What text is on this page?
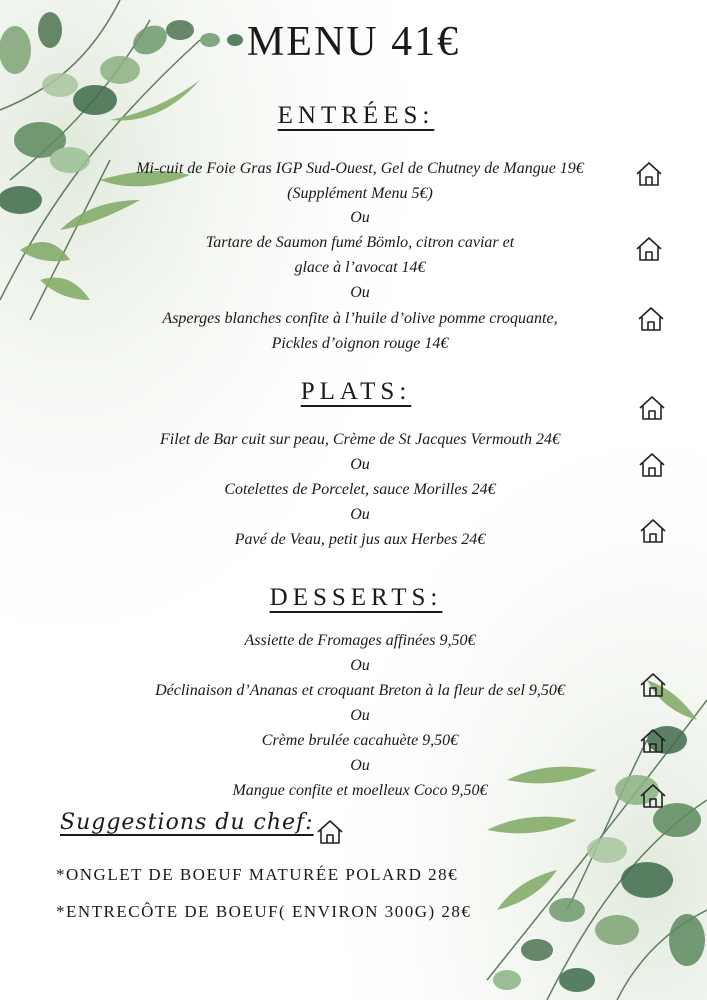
MENU 41€
ENTRÉES:
Mi-cuit de Foie Gras IGP Sud-Ouest, Gel de Chutney de Mangue 19€
(Supplément Menu 5€)
Ou
Tartare de Saumon fumé Bömlo, citron caviar et
glace à l’avocat 14€
Ou
Asperges blanches confite à l’huile d’olive pomme croquante,
Pickles d’oignon rouge 14€
PLATS:
Filet de Bar cuit sur peau, Crème de St Jacques Vermouth 24€
Ou
Cotelettes de Porcelet, sauce Morilles 24€
Ou
Pavé de Veau, petit jus aux Herbes 24€
DESSERTS:
Assiette de Fromages affinées 9,50€
Ou
Déclinaison d’Ananas et croquant Breton à la fleur de sel 9,50€
Ou
Crème brulée cacahuète 9,50€
Ou
Mangue confite et moelleux Coco 9,50€
Suggestions du chef:
*ONGLET DE BOEUF MATURÉE POLARD 28€
*ENTRECÔTE DE BOEUF( ENVIRON 300G) 28€
